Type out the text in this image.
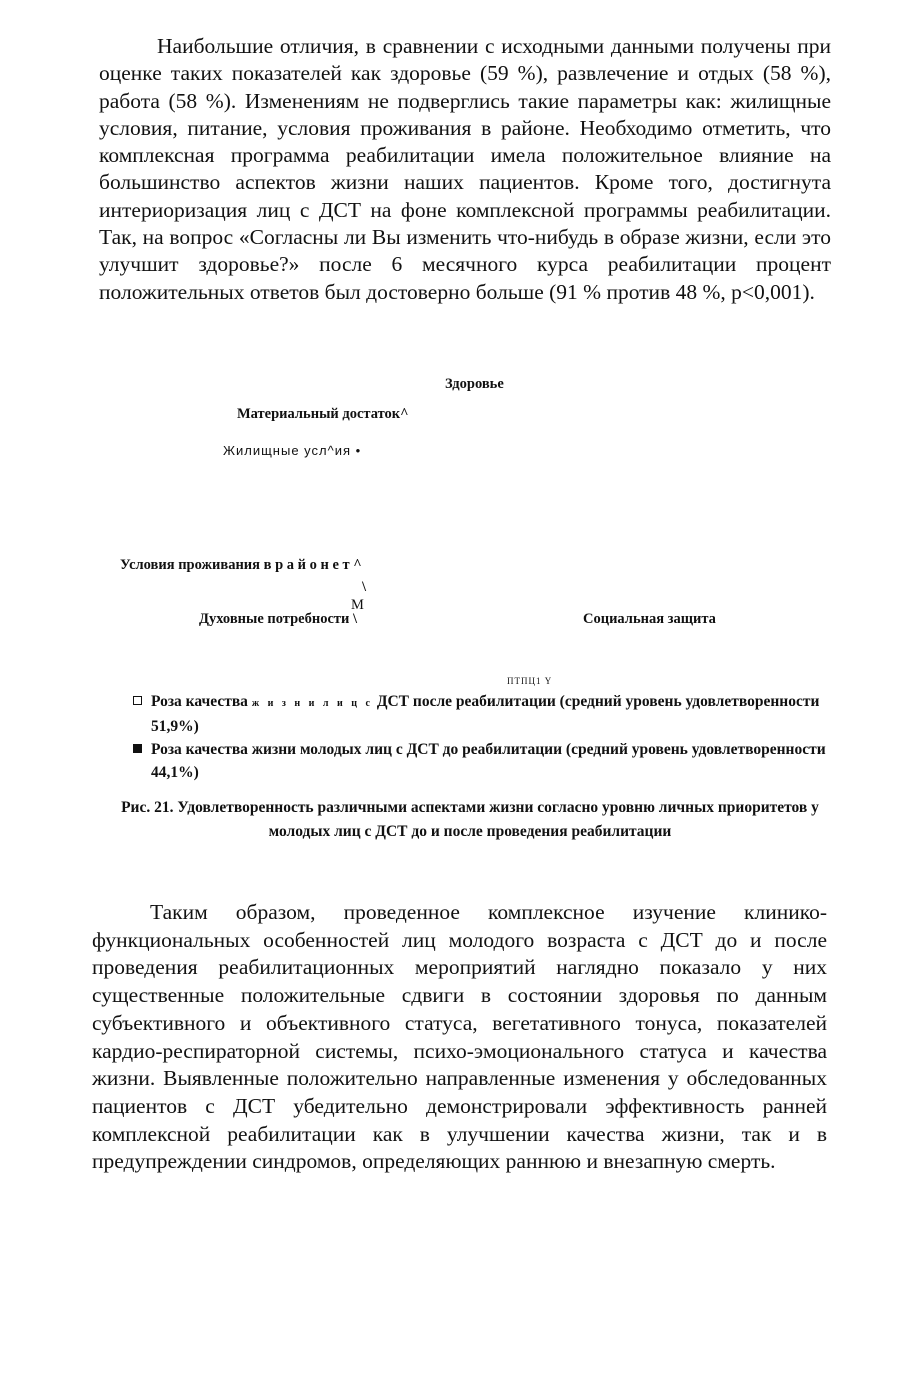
Наибольшие отличия, в сравнении с исходными данными получены при оценке таких показателей как здоровье (59 %), развлечение и отдых (58 %), работа (58 %). Изменениям не подверглись такие параметры как: жилищные условия, питание, условия проживания в районе. Необходимо отметить, что комплексная программа реабилитации имела положительное влияние на большинство аспектов жизни наших пациентов. Кроме того, достигнута интериоризация лиц с ДСТ на фоне комплексной программы реабилитации. Так, на вопрос «Согласны ли Вы изменить что-нибудь в образе жизни, если это улучшит здоровье?» после 6 месячного курса реабилитации процент положительных ответов был достоверно больше (91 % против 48 %, р<0,001).

Здоровье
Материальный достаток^
Жилищные усл^ия •
Условия проживания в р а й о н е т ^
\
М
Духовные потребности \	Социальная защита
ПТПЦ1 Y
Роза качества ж и з н и л и ц с ДСТ после реабилитации (средний уровень удовлетворенности 51,9%)
Роза качества жизни молодых лиц с ДСТ до реабилитации (средний уровень удовлетворенности 44,1%)
Рис. 21. Удовлетворенность различными аспектами жизни согласно уровню личных приоритетов у молодых лиц с ДСТ до и после проведения реабилитации

Таким образом, проведенное комплексное изучение клинико-функциональных особенностей лиц молодого возраста с ДСТ до и после проведения реабилитационных мероприятий наглядно показало у них существенные положительные сдвиги в состоянии здоровья по данным субъективного и объективного статуса, вегетативного тонуса, показателей кардио-респираторной системы, психо-эмоционального статуса и качества жизни. Выявленные положительно направленные изменения у обследованных пациентов с ДСТ убедительно демонстрировали эффективность ранней комплексной реабилитации как в улучшении качества жизни, так и в предупреждении синдромов, определяющих раннюю и внезапную смерть.
